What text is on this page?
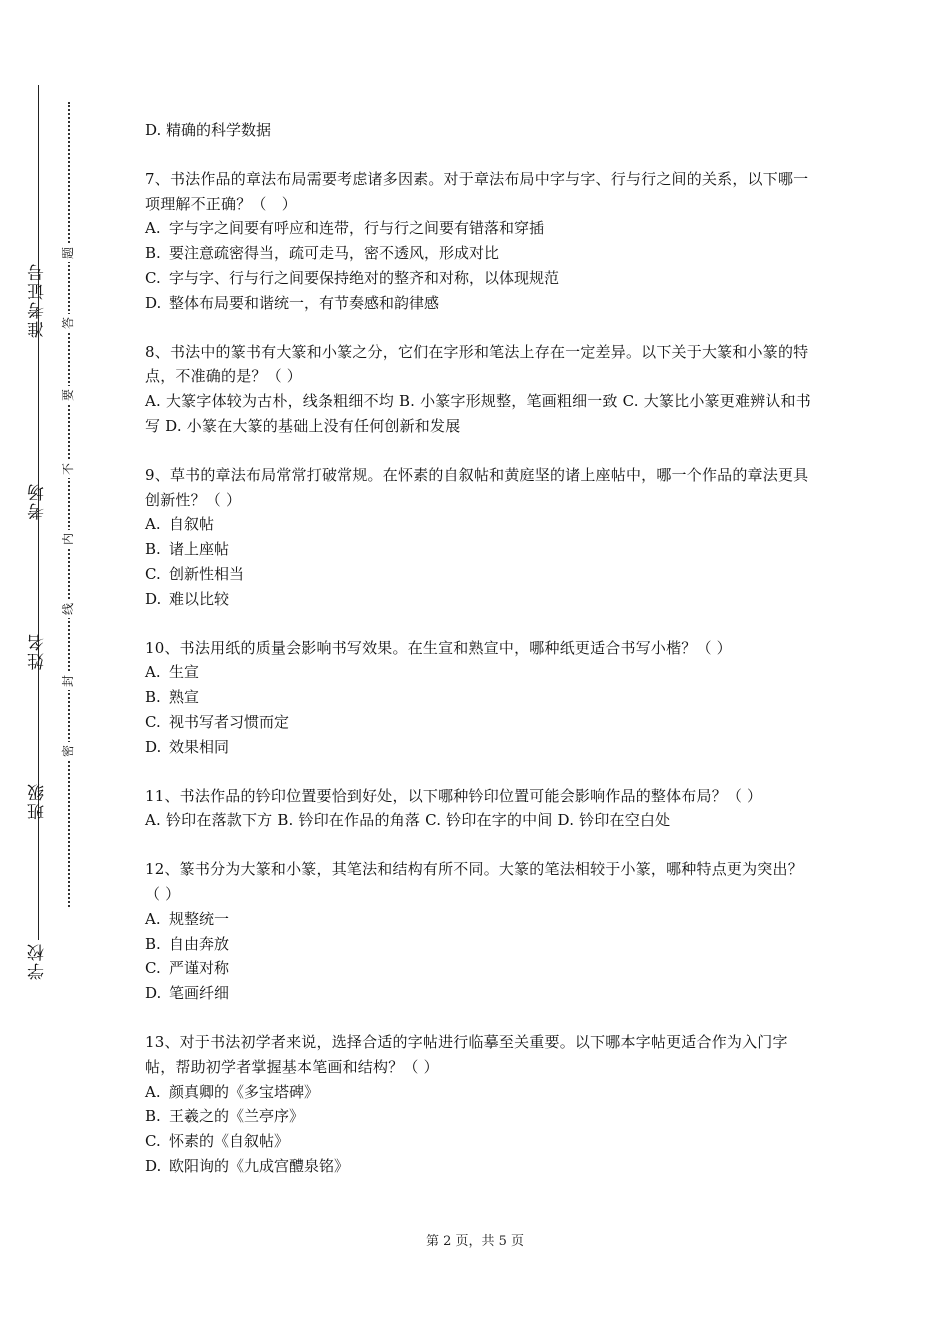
准考证号
考场
姓名
班级
学校
题
答
要
不
内
线
封
密
D. 精确的科学数据
7、书法作品的章法布局需要考虑诸多因素。对于章法布局中字与字、行与行之间的关系，以下哪一项理解不正确？（　）
A. 字与字之间要有呼应和连带，行与行之间要有错落和穿插
B. 要注意疏密得当，疏可走马，密不透风，形成对比
C. 字与字、行与行之间要保持绝对的整齐和对称，以体现规范
D. 整体布局要和谐统一，有节奏感和韵律感
8、书法中的篆书有大篆和小篆之分，它们在字形和笔法上存在一定差异。以下关于大篆和小篆的特点，不准确的是？（ ）
A. 大篆字体较为古朴，线条粗细不均 B. 小篆字形规整，笔画粗细一致 C. 大篆比小篆更难辨认和书写 D. 小篆在大篆的基础上没有任何创新和发展
9、草书的章法布局常常打破常规。在怀素的自叙帖和黄庭坚的诸上座帖中，哪一个作品的章法更具创新性？（ ）
A. 自叙帖
B. 诸上座帖
C. 创新性相当
D. 难以比较
10、书法用纸的质量会影响书写效果。在生宣和熟宣中，哪种纸更适合书写小楷？（ ）
A. 生宣
B. 熟宣
C. 视书写者习惯而定
D. 效果相同
11、书法作品的钤印位置要恰到好处，以下哪种钤印位置可能会影响作品的整体布局？（ ）
A. 钤印在落款下方 B. 钤印在作品的角落 C. 钤印在字的中间 D. 钤印在空白处
12、篆书分为大篆和小篆，其笔法和结构有所不同。大篆的笔法相较于小篆，哪种特点更为突出？（ ）
A. 规整统一
B. 自由奔放
C. 严谨对称
D. 笔画纤细
13、对于书法初学者来说，选择合适的字帖进行临摹至关重要。以下哪本字帖更适合作为入门字帖，帮助初学者掌握基本笔画和结构？（ ）
A. 颜真卿的《多宝塔碑》
B. 王羲之的《兰亭序》
C. 怀素的《自叙帖》
D. 欧阳询的《九成宫醴泉铭》
第 2 页，共 5 页
